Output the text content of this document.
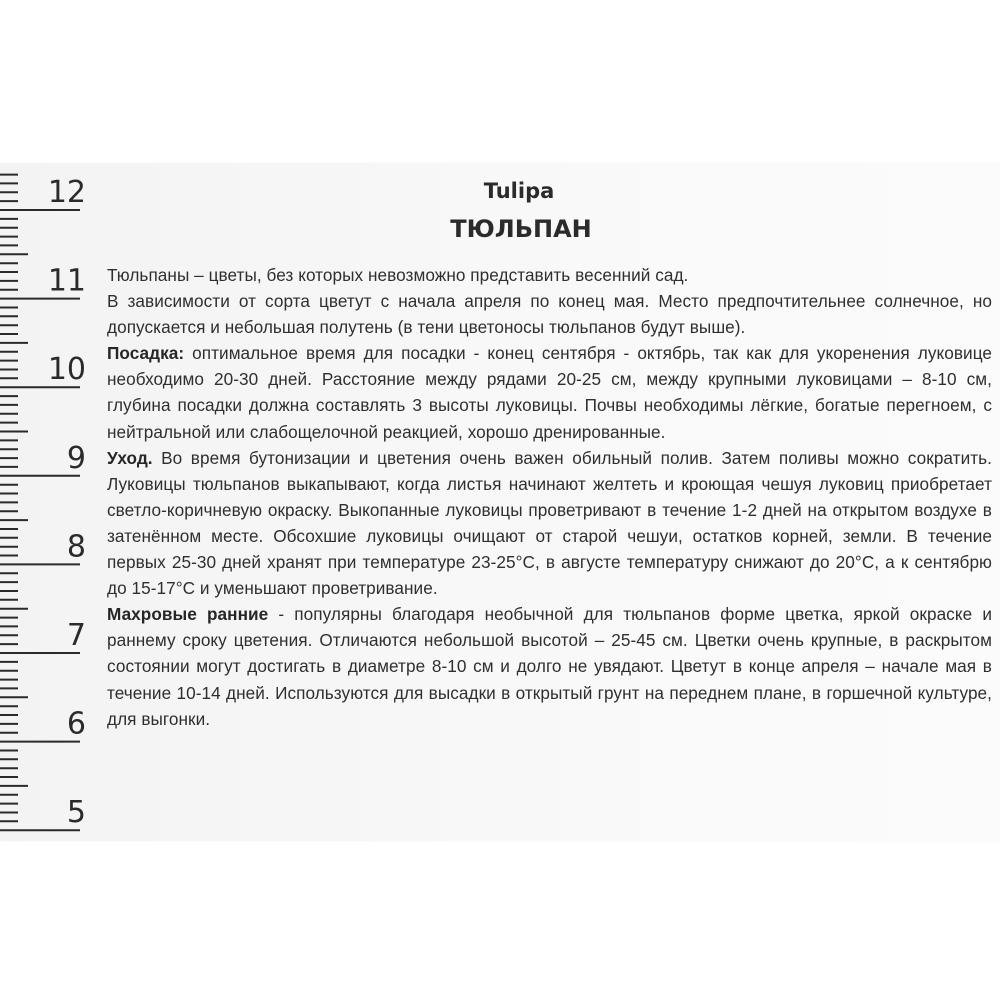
12
11
10
9
8
7
6
5
Tulipa
ТЮЛЬПАН

Тюльпаны – цветы, без которых невозможно представить весенний сад.

В зависимости от сорта цветут с начала апреля по конец мая. Место предпочтительнее солнечное, но допускается и небольшая полутень (в тени цветоносы тюльпанов будут выше).

Посадка: оптимальное время для посадки - конец сентября - октябрь, так как для укоренения луковице необходимо 20-30 дней. Расстояние между рядами 20-25 см, между крупными луковицами – 8-10 см, глубина посадки должна составлять 3 высоты луковицы. Почвы необходимы лёгкие, богатые перегноем, с нейтральной или слабощелочной реакцией, хорошо дренированные.

Уход. Во время бутонизации и цветения очень важен обильный полив. Затем поливы можно сократить. Луковицы тюльпанов выкапывают, когда листья начинают желтеть и кроющая чешуя луковиц приобретает светло-коричневую окраску. Выкопанные луковицы проветривают в течение 1-2 дней на открытом воздухе в затенённом месте. Обсохшие луковицы очищают от старой чешуи, остатков корней, земли. В течение первых 25-30 дней хранят при температуре 23-25°С, в августе температуру снижают до 20°С, а к сентябрю до 15-17°С и уменьшают проветривание.

Махровые ранние - популярны благодаря необычной для тюльпанов форме цветка, яркой окраске и раннему сроку цветения. Отличаются небольшой высотой – 25-45 см. Цветки очень крупные, в раскрытом состоянии могут достигать в диаметре 8-10 см и долго не увядают. Цветут в конце апреля – начале мая в течение 10-14 дней. Используются для высадки в открытый грунт на переднем плане, в горшечной культуре, для выгонки.
